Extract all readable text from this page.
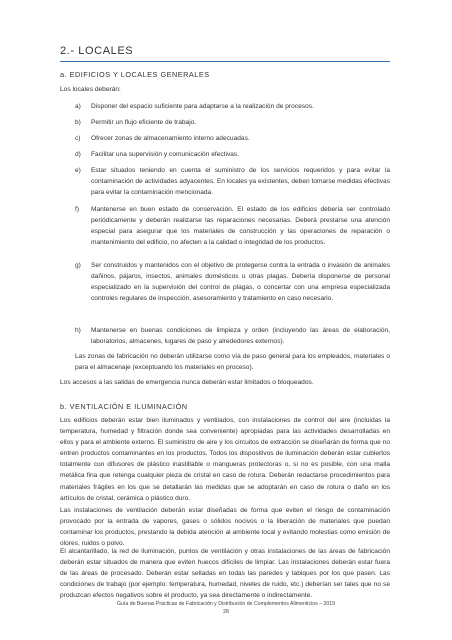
2.- LOCALES
a. EDIFICIOS Y LOCALES GENERALES
Los locales deberán:
a) Disponer del espacio suficiente para adaptarse a la realización de procesos.
b) Permitir un flujo eficiente de trabajo.
c) Ofrecer zonas de almacenamiento interno adecuadas.
d) Facilitar una supervisión y comunicación efectivas.
e) Estar situados teniendo en cuenta el suministro de los servicios requeridos y para evitar la contaminación de actividades adyacentes. En locales ya existentes, deben tomarse medidas efectivas para evitar la contaminación mencionada.
f) Mantenerse en buen estado de conservación. El estado de los edificios debería ser controlado periódicamente y deberán realizarse las reparaciones necesarias. Deberá prestarse una atención especial para asegurar que los materiales de construcción y las operaciones de reparación o mantenimiento del edificio, no afecten a la calidad o integridad de los productos.
g) Ser construidos y mantenidos con el objetivo de protegerse contra la entrada o invasión de animales dañinos, pájaros, insectos, animales domésticos u otras plagas. Debería disponerse de personal especializado en la supervisión del control de plagas, o concertar con una empresa especializada controles regulares de inspección, asesoramiento y tratamiento en caso necesario.
h) Mantenerse en buenas condiciones de limpieza y orden (incluyendo las áreas de elaboración, laboratorios, almacenes, lugares de paso y alrededores externos).
Las zonas de fabricación no deberán utilizarse como vía de paso general para los empleados, materiales o para el almacenaje (exceptuando los materiales en proceso).
Los accesos a las salidas de emergencia nunca deberán estar limitados o bloqueados.
b. VENTILACIÓN E ILUMINACIÓN
Los edificios deberán estar bien iluminados y ventilados, con instalaciones de control del aire (incluidas la temperatura, humedad y filtración donde sea conveniente) apropiadas para las actividades desarrolladas en ellos y para el ambiente externo. El suministro de aire y los circuitos de extracción se diseñarán de forma que no entren productos contaminantes en los productos. Todos los dispositivos de iluminación deberán estar cubiertos totalmente con difusores de plástico inastillable o mangueras protectoras o, si no es posible, con una malla metálica fina que retenga cualquier pieza de cristal en caso de rotura. Deberán redactarse procedimientos para materiales frágiles en los que se detallarán las medidas que se adoptarán en caso de rotura o daño en los artículos de cristal, cerámica o plástico duro.
Las instalaciones de ventilación deberán estar diseñadas de forma que eviten el riesgo de contaminación provocado por la entrada de vapores, gases o sólidos nocivos o la liberación de materiales que puedan contaminar los productos, prestando la debida atención al ambiente local y evitando molestias como emisión de olores, ruidos o polvo.
El alcantarillado, la red de iluminación, puntos de ventilación y otras instalaciones de las áreas de fabricación deberán estar situados de manera que eviten huecos difíciles de limpiar. Las instalaciones deberán estar fuera de las áreas de procesado. Deberán estar selladas en todas las paredes y tabiques por los que pasen. Las condiciones de trabajo (por ejemplo: temperatura, humedad, niveles de ruido, etc.) deberían ser tales que no se produzcan efectos negativos sobre el producto, ya sea directamente o indirectamente.
Guía de Buenas Prácticas de Fabricación y Distribución de Complementos Alimenticios – 2019
28
